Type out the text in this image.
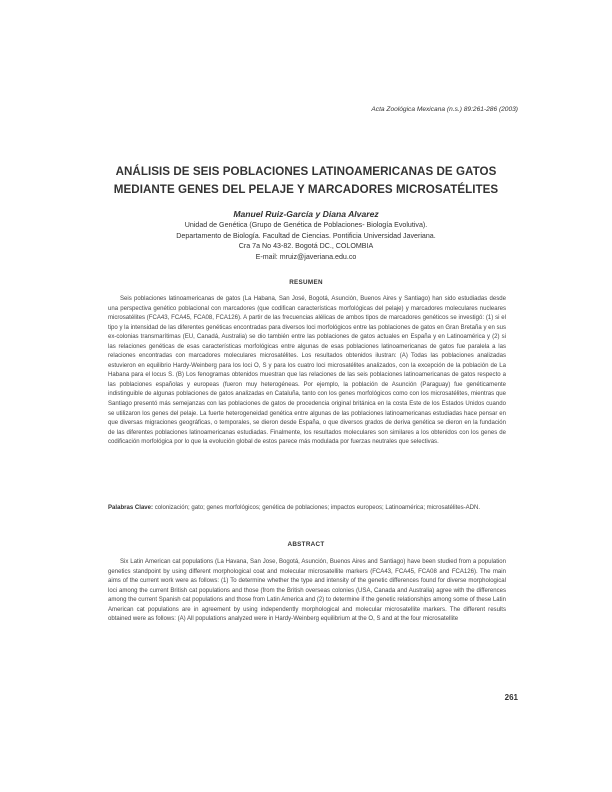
Acta Zoológica Mexicana (n.s.) 89:261-286 (2003)
ANÁLISIS DE SEIS POBLACIONES LATINOAMERICANAS DE GATOS
MEDIANTE GENES DEL PELAJE Y MARCADORES MICROSATÉLITES
Manuel Ruiz-García y Diana Alvarez
Unidad de Genética (Grupo de Genética de Poblaciones- Biología Evolutiva).
Departamento de Biología. Facultad de Ciencias. Pontificia Universidad Javeriana.
Cra 7a No 43-82. Bogotá DC., COLOMBIA
E-mail: mruiz@javeriana.edu.co
RESUMEN
Seis poblaciones latinoamericanas de gatos (La Habana, San José, Bogotá, Asunción, Buenos Aires y Santiago) han sido estudiadas desde una perspectiva genético poblacional con marcadores (que codifican características morfológicas del pelaje) y marcadores moleculares nucleares microsatélites (FCA43, FCA45, FCA08, FCA126). A partir de las frecuencias alélicas de ambos tipos de marcadores genéticos se investigó: (1) si el tipo y la intensidad de las diferentes genéticas encontradas para diversos loci morfológicos entre las poblaciones de gatos en Gran Bretaña y en sus ex-colonias transmarítimas (EU, Canadá, Australia) se dio también entre las poblaciones de gatos actuales en España y en Latinoamérica y (2) si las relaciones genéticas de esas características morfológicas entre algunas de esas poblaciones latinoamericanas de gatos fue paralela a las relaciones encontradas con marcadores moleculares microsatélites. Los resultados obtenidos ilustran: (A) Todas las poblaciones analizadas estuvieron en equilibrio Hardy-Weinberg para los loci O, S y para los cuatro loci microsatélites analizados, con la excepción de la población de La Habana para el locus S. (B) Los fenogramas obtenidos muestran que las relaciones de las seis poblaciones latinoamericanas de gatos respecto a las poblaciones españolas y europeas (fueron muy heterogéneas. Por ejemplo, la población de Asunción (Paraguay) fue genéticamente indistinguible de algunas poblaciones de gatos analizadas en Cataluña, tanto con los genes morfológicos como con los microsatélites, mientras que Santiago presentó más semejanzas con las poblaciones de gatos de procedencia original británica en la costa Este de los Estados Unidos cuando se utilizaron los genes del pelaje. La fuerte heterogeneidad genética entre algunas de las poblaciones latinoamericanas estudiadas hace pensar en que diversas migraciones geográficas, o temporales, se dieron desde España, o que diversos grados de deriva genética se dieron en la fundación de las diferentes poblaciones latinoamericanas estudiadas. Finalmente, los resultados moleculares son similares a los obtenidos con los genes de codificación morfológica por lo que la evolución global de estos parece más modulada por fuerzas neutrales que selectivas.
Palabras Clave: colonización; gato; genes morfológicos; genética de poblaciones; impactos europeos; Latinoamérica; microsatélites-ADN.
ABSTRACT
Six Latin American cat populations (La Havana, San Jose, Bogotá, Asunción, Buenos Aires and Santiago) have been studied from a population genetics standpoint by using different morphological coat and molecular microsatellite markers (FCA43, FCA45, FCA08 and FCA126). The main aims of the current work were as follows: (1) To determine whether the type and intensity of the genetic differences found for diverse morphological loci among the current British cat populations and those (from the British overseas colonies (USA, Canada and Australia) agree with the differences among the current Spanish cat populations and those from Latin America and (2) to determine if the genetic relationships among some of these Latin American cat populations are in agreement by using independently morphological and molecular microsatellite markers. The different results obtained were as follows: (A) All populations analyzed were in Hardy-Weinberg equilibrium at the O, S and at the four microsatellite
261
